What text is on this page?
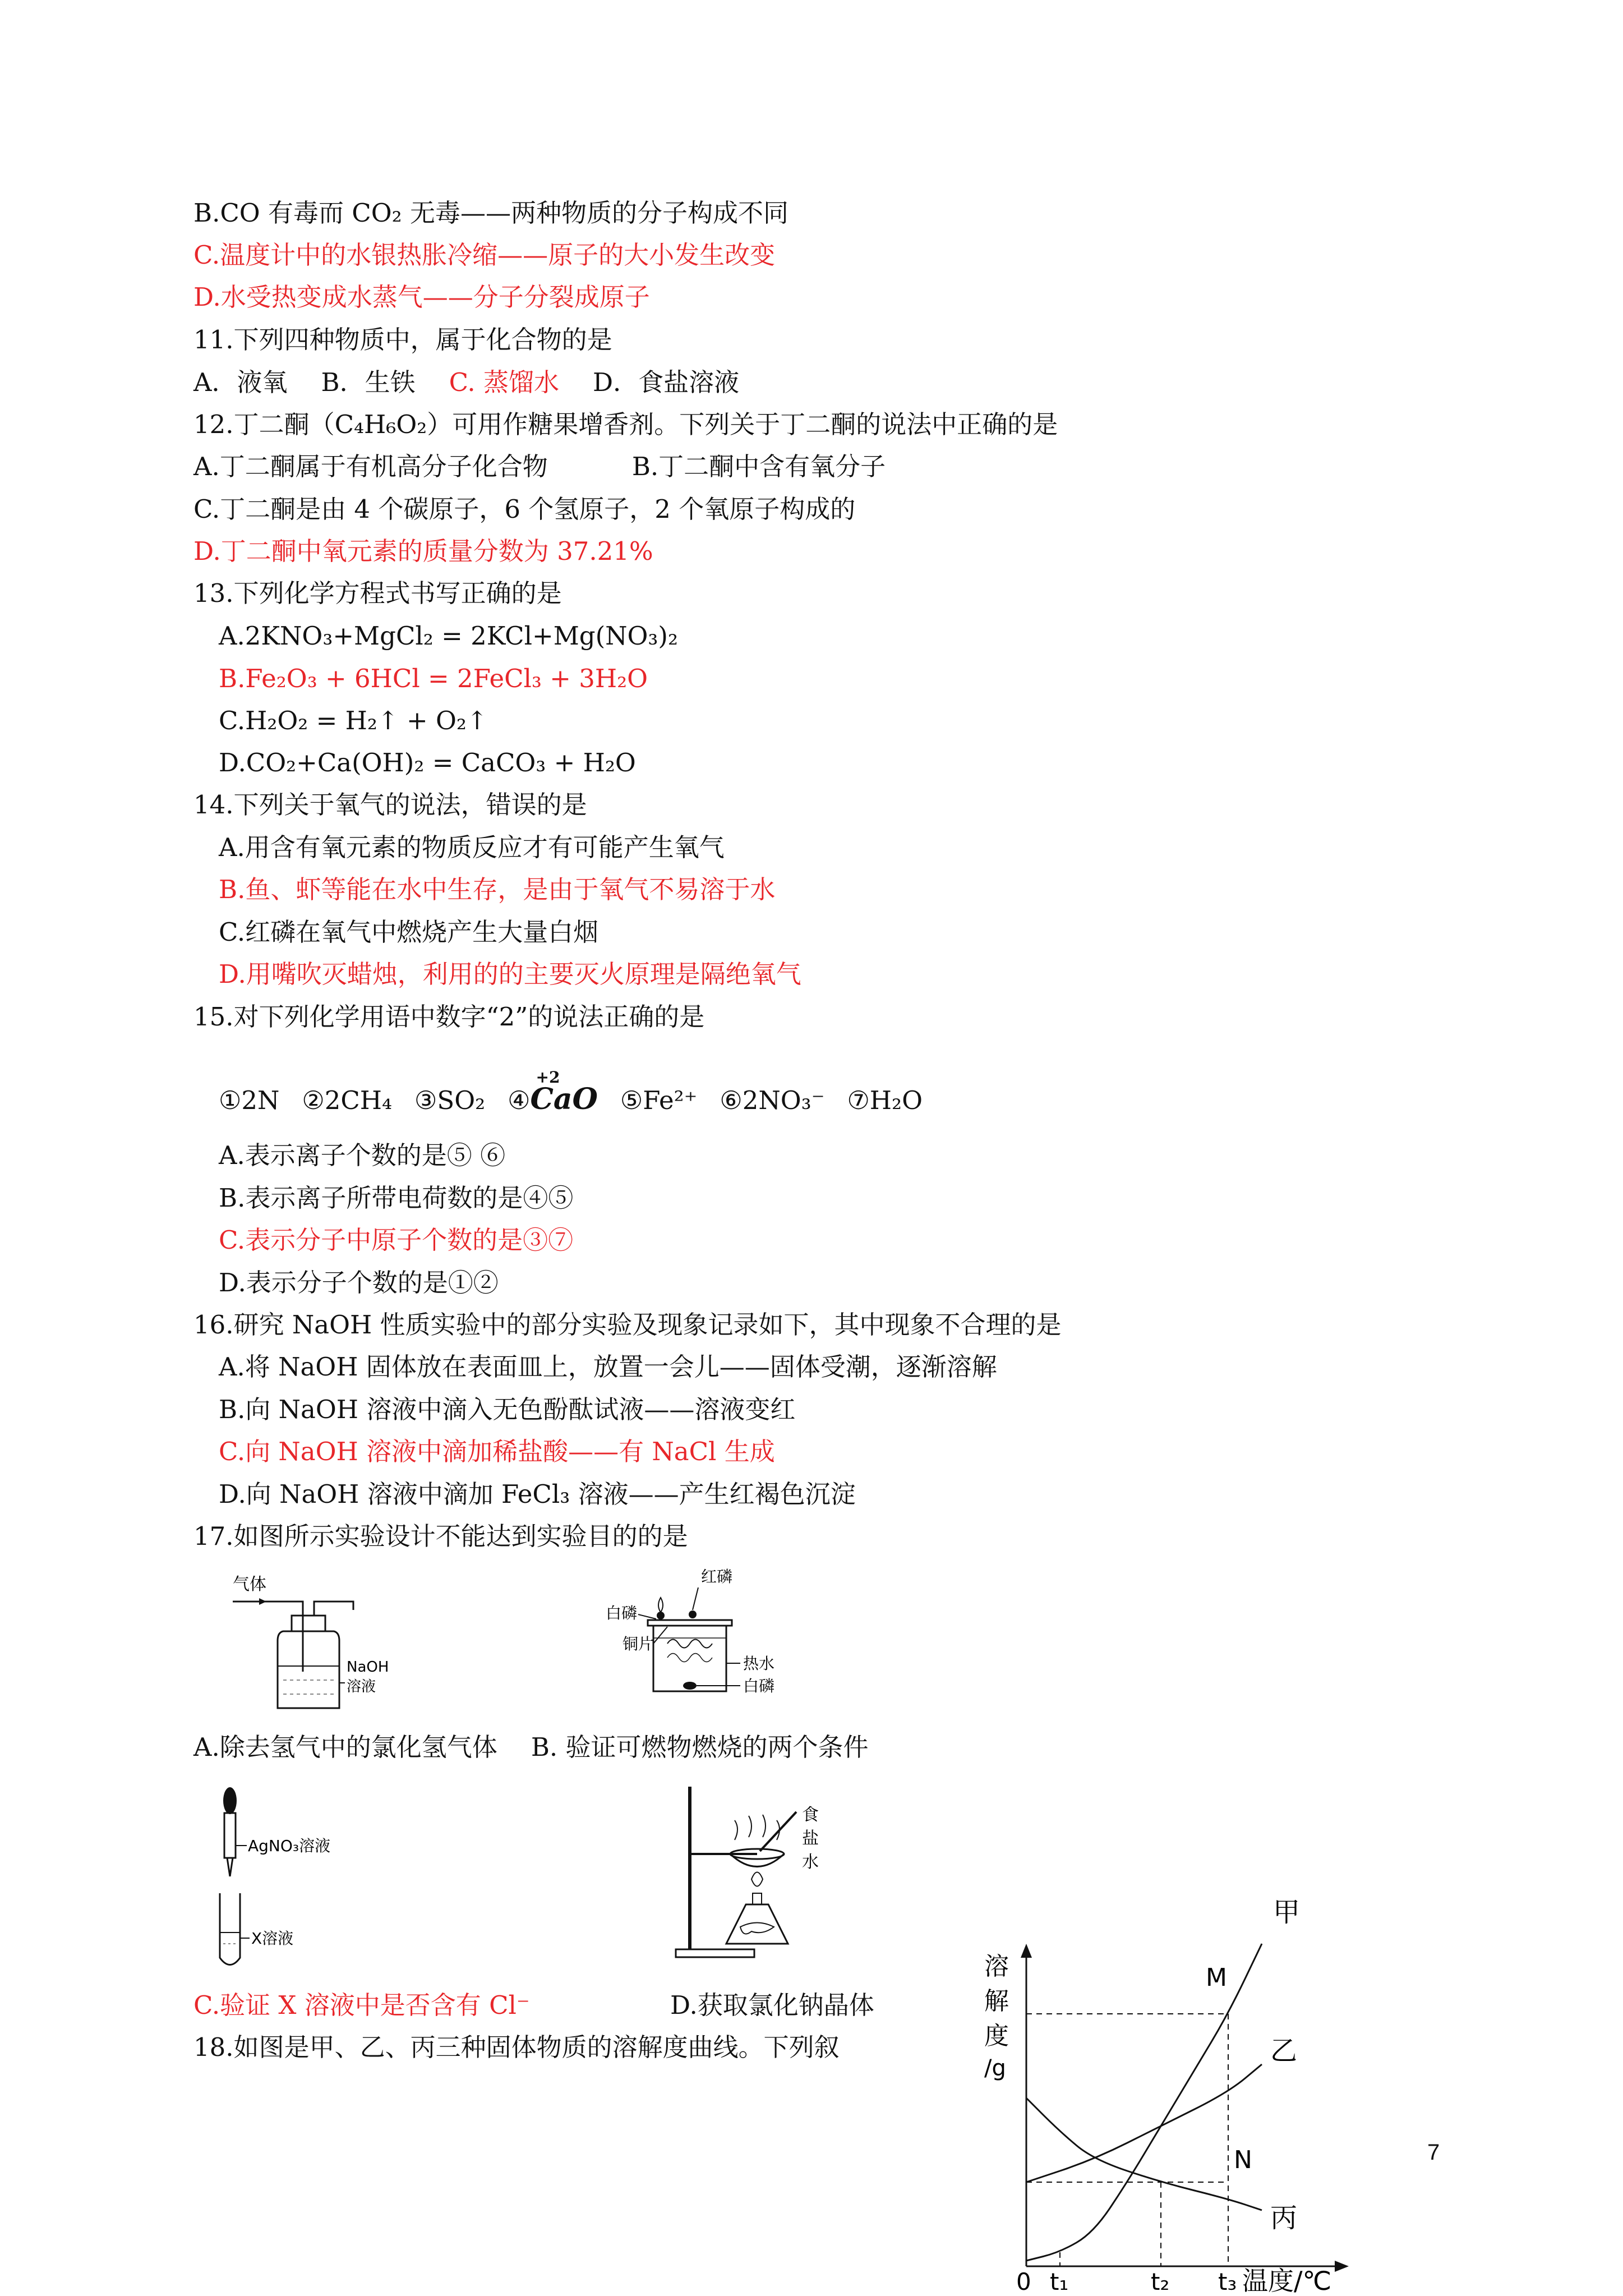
B.CO 有毒而 CO₂ 无毒——两种物质的分子构成不同
C.温度计中的水银热胀冷缩——原子的大小发生改变
D.水受热变成水蒸气——分子分裂成原子
11.下列四种物质中，属于化合物的是
A．液氧 B．生铁 C. 蒸馏水 D．食盐溶液
12.丁二酮（C₄H₆O₂）可用作糖果增香剂。下列关于丁二酮的说法中正确的是
A.丁二酮属于有机高分子化合物	B.丁二酮中含有氧分子
C.丁二酮是由 4 个碳原子，6 个氢原子，2 个氧原子构成的
D.丁二酮中氧元素的质量分数为 37.21%
13.下列化学方程式书写正确的是
A.2KNO₃+MgCl₂ = 2KCl+Mg(NO₃)₂
B.Fe₂O₃ + 6HCl = 2FeCl₃ + 3H₂O
C.H₂O₂ = H₂↑ + O₂↑
D.CO₂+Ca(OH)₂ = CaCO₃ + H₂O
14.下列关于氧气的说法，错误的是
A.用含有氧元素的物质反应才有可能产生氧气
B.鱼、虾等能在水中生存，是由于氧气不易溶于水
C.红磷在氧气中燃烧产生大量白烟
D.用嘴吹灭蜡烛，利用的的主要灭火原理是隔绝氧气
15.对下列化学用语中数字“2”的说法正确的是
①2N ②2CH₄ ③SO₂ ④
+2
CaO ⑤Fe²⁺ ⑥2NO₃⁻ ⑦H₂O
A.表示离子个数的是⑤ ⑥
B.表示离子所带电荷数的是④⑤
C.表示分子中原子个数的是③⑦
D.表示分子个数的是①②
16.研究 NaOH 性质实验中的部分实验及现象记录如下，其中现象不合理的是
A.将 NaOH 固体放在表面皿上，放置一会儿——固体受潮，逐渐溶解
B.向 NaOH 溶液中滴入无色酚酞试液——溶液变红
C.向 NaOH 溶液中滴加稀盐酸——有 NaCl 生成
D.向 NaOH 溶液中滴加 FeCl₃ 溶液——产生红褐色沉淀
17.如图所示实验设计不能达到实验目的的是
气体
NaOH
溶液
红磷
白磷
铜片
热水
白磷
A.除去氢气中的氯化氢气体 B. 验证可燃物燃烧的两个条件
AgNO₃溶液
X溶液
食
盐
水
C.验证 X 溶液中是否含有 Cl⁻	D.获取氯化钠晶体
18.如图是甲、乙、丙三种固体物质的溶解度曲线。下列叙
溶
解
度
/g
M
N
甲
乙
丙
0 t₁	t₂ t₃ 温度/℃
7
